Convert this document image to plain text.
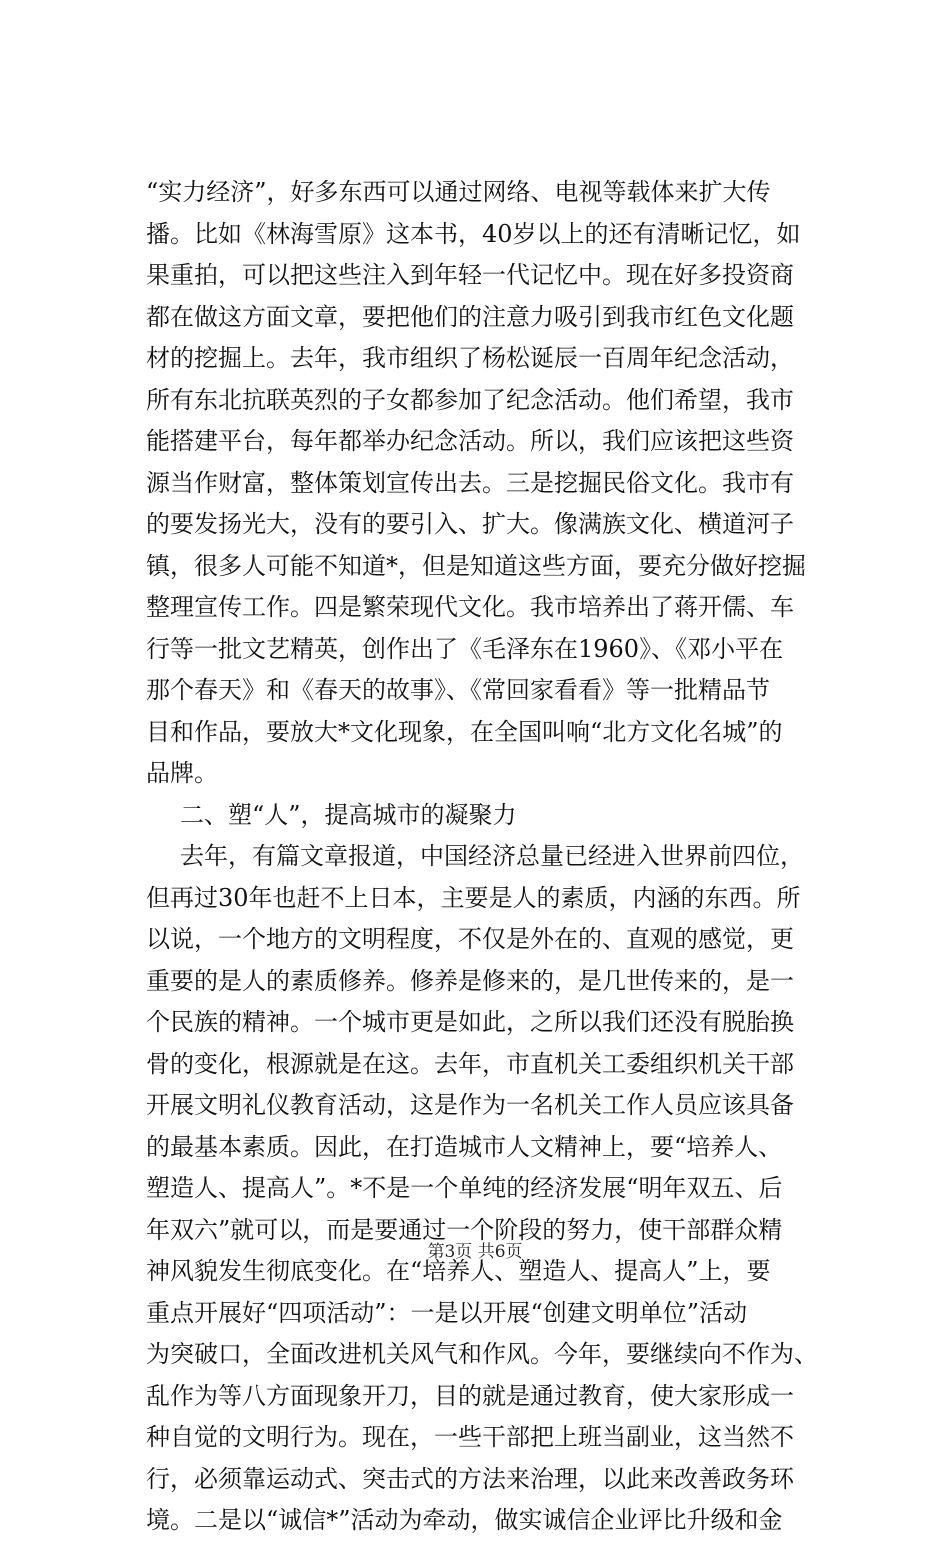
“实力经济”，好多东西可以通过网络、电视等载体来扩大传
播。比如《林海雪原》这本书，40岁以上的还有清晰记忆，如
果重拍，可以把这些注入到年轻一代记忆中。现在好多投资商
都在做这方面文章，要把他们的注意力吸引到我市红色文化题
材的挖掘上。去年，我市组织了杨松诞辰一百周年纪念活动，
所有东北抗联英烈的子女都参加了纪念活动。他们希望，我市
能搭建平台，每年都举办纪念活动。所以，我们应该把这些资
源当作财富，整体策划宣传出去。三是挖掘民俗文化。我市有
的要发扬光大，没有的要引入、扩大。像满族文化、横道河子
镇，很多人可能不知道*，但是知道这些方面，要充分做好挖掘
整理宣传工作。四是繁荣现代文化。我市培养出了蒋开儒、车
行等一批文艺精英，创作出了《毛泽东在1960》、《邓小平在
那个春天》和《春天的故事》、《常回家看看》等一批精品节
目和作品，要放大*文化现象，在全国叫响“北方文化名城”的
品牌。
二、塑“人”，提高城市的凝聚力
去年，有篇文章报道，中国经济总量已经进入世界前四位，
但再过30年也赶不上日本，主要是人的素质，内涵的东西。所
以说，一个地方的文明程度，不仅是外在的、直观的感觉，更
重要的是人的素质修养。修养是修来的，是几世传来的，是一
个民族的精神。一个城市更是如此，之所以我们还没有脱胎换
骨的变化，根源就是在这。去年，市直机关工委组织机关干部
开展文明礼仪教育活动，这是作为一名机关工作人员应该具备
的最基本素质。因此，在打造城市人文精神上，要“培养人、
塑造人、提高人”。*不是一个单纯的经济发展“明年双五、后
年双六”就可以，而是要通过一个阶段的努力，使干部群众精
神风貌发生彻底变化。在“培养人、塑造人、提高人”上，要
重点开展好“四项活动”：一是以开展“创建文明单位”活动
为突破口，全面改进机关风气和作风。今年，要继续向不作为、
乱作为等八方面现象开刀，目的就是通过教育，使大家形成一
种自觉的文明行为。现在，一些干部把上班当副业，这当然不
行，必须靠运动式、突击式的方法来治理，以此来改善政务环
境。二是以“诚信*”活动为牵动，做实诚信企业评比升级和金
第3页 共6页
